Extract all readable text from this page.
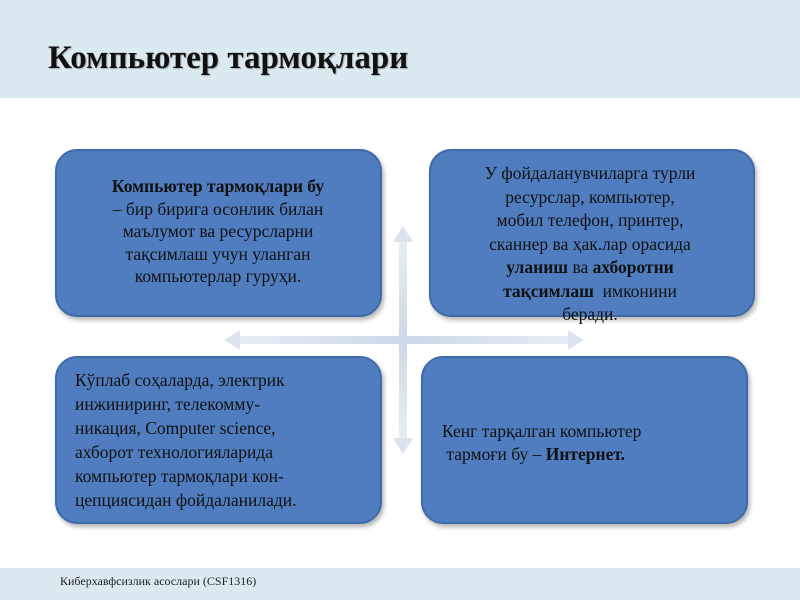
Компьютер тармоқлари
Компьютер тармоқлари бу
– бир бирига осонлик билан
маълумот ва ресурсларни
тақсимлаш учун уланган
компьютерлар гуруҳи.
У фойдаланувчиларга турли
ресурслар, компьютер,
мобил телефон, принтер,
сканнер ва ҳак.лар орасида
уланиш ва ахборотни
тақсимлаш  имконини
беради.
Кўплаб соҳаларда, электрик
инжиниринг, телекомму-
никация, Computer science,
ахборот технологияларида
компьютер тармоқлари кон-
цепциясидан фойдаланилади.
Кенг тарқалган компьютер
тармоғи бу – Интернет.
Киберхавфсизлик асослари (CSF1316)
